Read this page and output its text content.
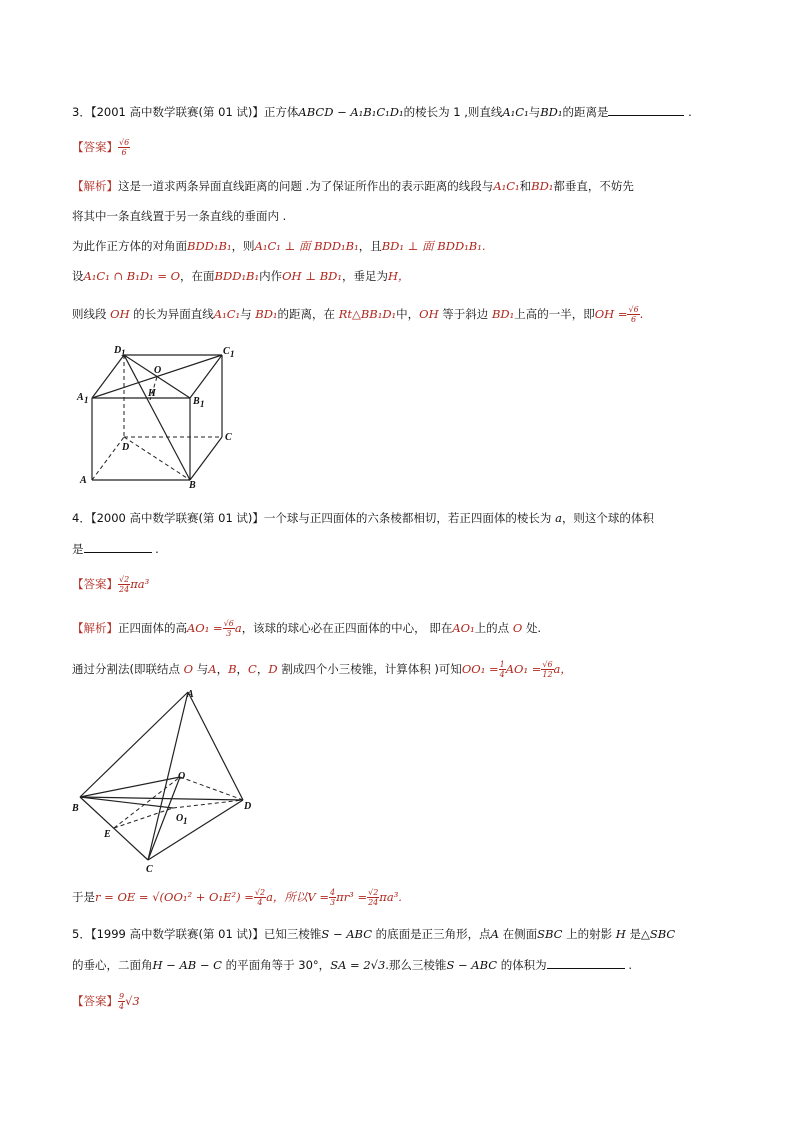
3．【2001 高中数学联赛(第 01 试)】正方体ABCD − A₁B₁C₁D₁的棱长为 1 ,则直线A₁C₁与BD₁的距离是	.
【答案】 $\frac{√6}{6}$
【解析】这是一道求两条异面直线距离的问题 .为了保证所作出的表示距离的线段与A₁C₁和BD₁都垂直，不妨先
将其中一条直线置于另一条直线的垂面内 .
为此作正方体的对角面BDD₁B₁，则A₁C₁ ⊥ 面 BDD₁B₁，且BD₁ ⊥ 面 BDD₁B₁.
设A₁C₁ ∩ B₁D₁ = O，在面BDD₁B₁内作OH ⊥ BD₁，垂足为H，
则线段 OH 的长为异面直线A₁C₁与 BD₁的距离，在 Rt△BB₁D₁中，OH 等于斜边 BD₁上高的一半，即OH = $\frac{√6}{6}$ .
D 1	C 1
O
A 1
H
B 1
D
C
A	B
4．【2000 高中数学联赛(第 01 试)】一个球与正四面体的六条棱都相切，若正四面体的棱长为 a，则这个球的体积
是	.
【答案】 $\frac{√2}{24} \pi a^3$
【解析】正四面体的高$AO_1 = \frac{√6}{3}$ a，该球的球心必在正四面体的中心， 即在AO₁上的点 O 处.
通过分割法(即联结点 O 与A，B，C，D 割成四个小三棱锥，计算体积 )可知$OO_1 = \frac{1}{4} AO_1 = \frac{√6}{12}$ a，
A
O
B	D
O 1
E
C
于是r = OE = $√(OO_1^2 + O_1E^2) = \frac{√2}{4}$ a，所以$V = \frac{4}{3} \pi r^3 = \frac{√2}{24} \pi a^3$.
5．【1999 高中数学联赛(第 01 试)】已知三棱锥S − ABC 的底面是正三角形，点A 在侧面SBC 上的射影 H 是△SBC
的垂心，二面角H − AB − C 的平面角等于 30°，SA = 2√3.那么三棱锥S − ABC 的体积为	.
【答案】 $\frac{9}{4} √3$
